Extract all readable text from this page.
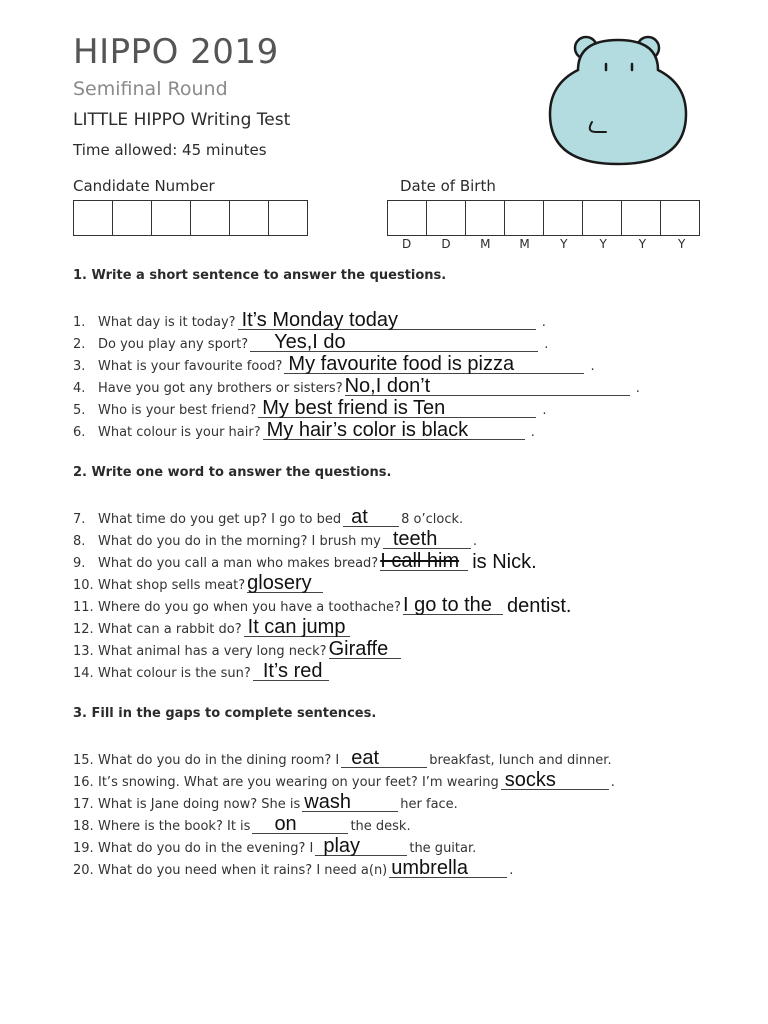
HIPPO 2019
Semifinal Round
LITTLE HIPPO Writing Test
Time allowed: 45 minutes
Candidate Number	Date of Birth
D	D	M	M	Y	Y	Y	Y
1. Write a short sentence to answer the questions.
1. What day is it today? It’s Monday today	.
2. Do you play any sport? Yes,I do	.
3. What is your favourite food? My favourite food is pizza	.
4. Have you got any brothers or sisters? No,I don’t	.
5. Who is your best friend? My best friend is Ten	.
6. What colour is your hair? My hair’s color is black	.
2. Write one word to answer the questions.
7. What time do you get up? I go to bed at	8 o’clock.
8. What do you do in the morning? I brush my teeth	.
9. What do you call a man who makes bread? I call him is Nick.
10. What shop sells meat? glosery
11. Where do you go when you have a toothache? I go to the dentist.
12. What can a rabbit do? It can jump
13. What animal has a very long neck? Giraffe
14. What colour is the sun? It’s red
3. Fill in the gaps to complete sentences.
15. What do you do in the dining room? I eat	breakfast, lunch and dinner.
16. It’s snowing. What are you wearing on your feet? I’m wearing socks	.
17. What is Jane doing now? She is wash	her face.
18. Where is the book? It is on	the desk.
19. What do you do in the evening? I play	the guitar.
20. What do you need when it rains? I need a(n) umbrella	.
